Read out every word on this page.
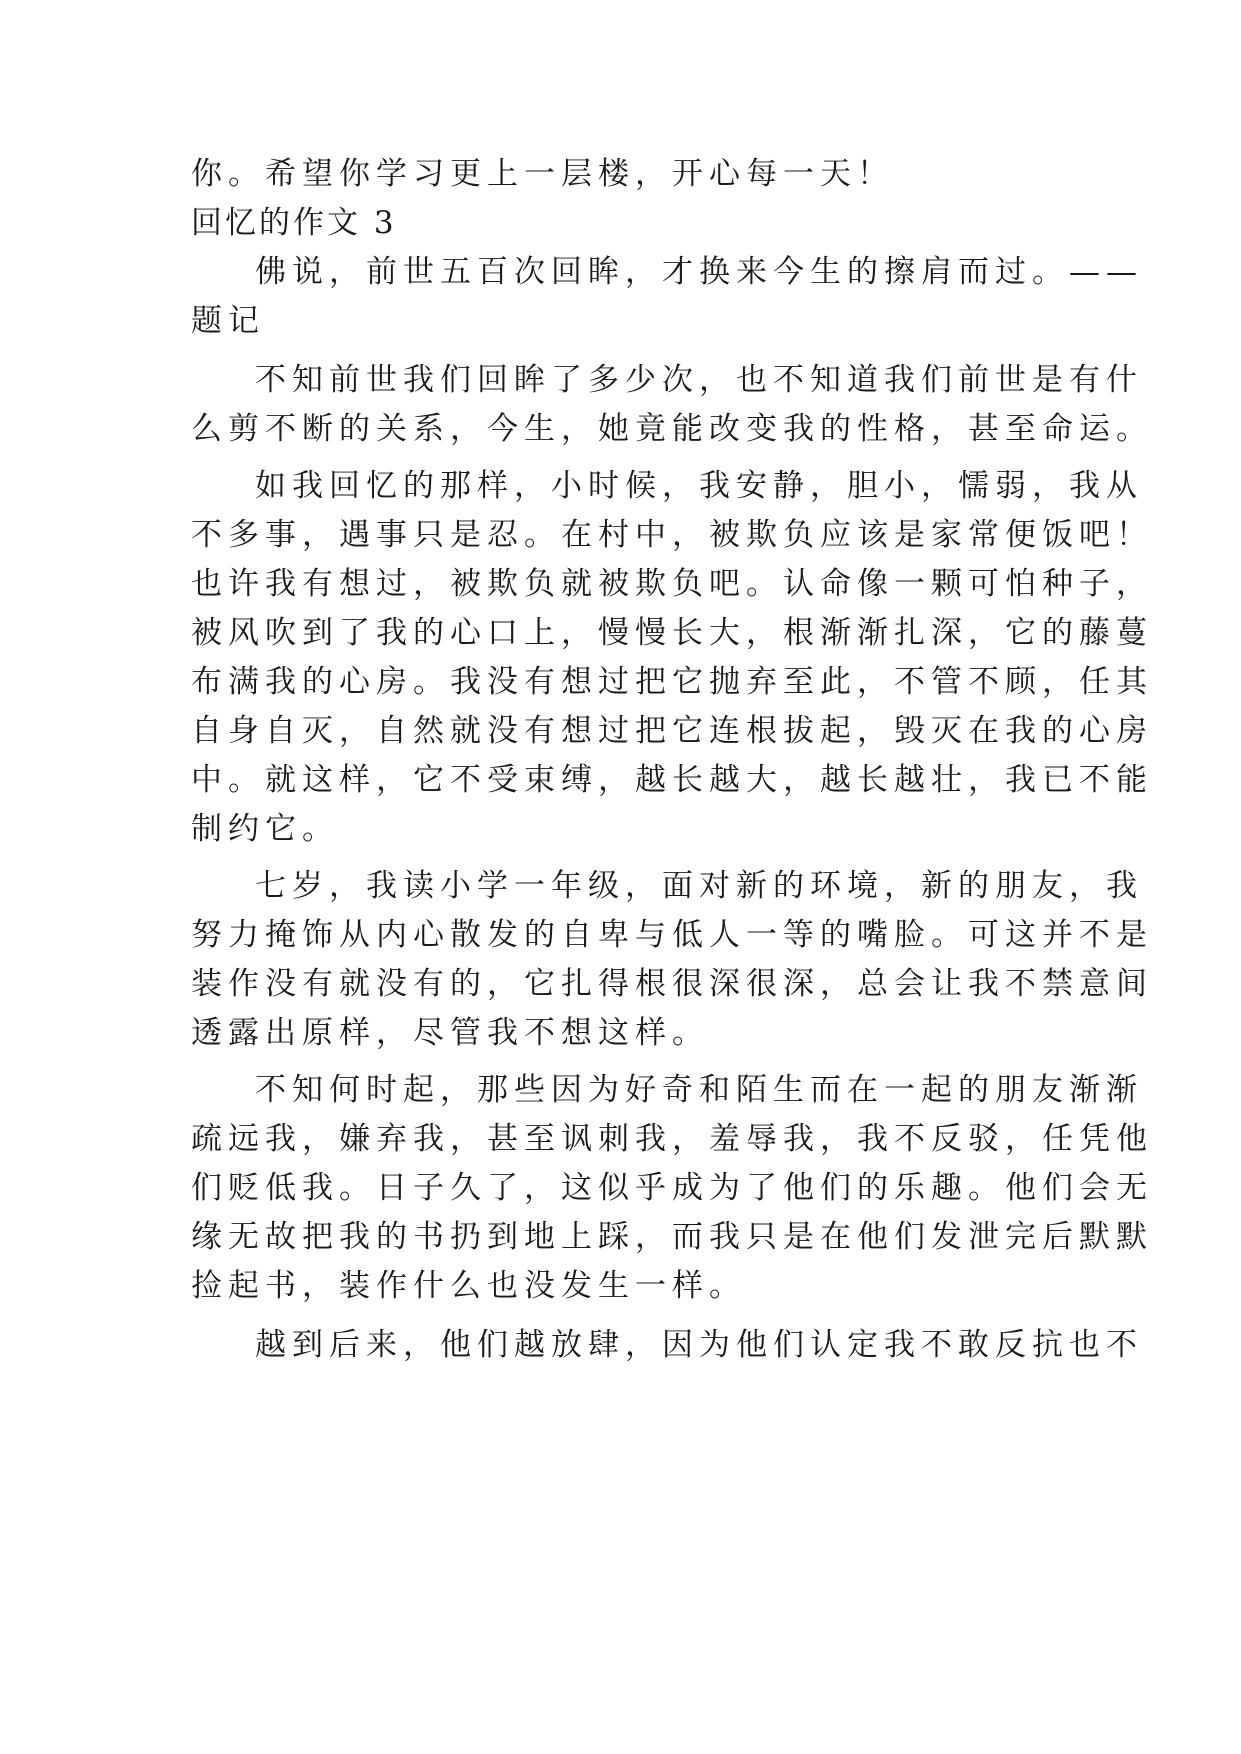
你。希望你学习更上一层楼，开心每一天！
回忆的作文 3
佛说，前世五百次回眸，才换来今生的擦肩而过。——
题记
不知前世我们回眸了多少次，也不知道我们前世是有什
么剪不断的关系，今生，她竟能改变我的性格，甚至命运。
如我回忆的那样，小时候，我安静，胆小，懦弱，我从
不多事，遇事只是忍。在村中，被欺负应该是家常便饭吧！
也许我有想过，被欺负就被欺负吧。认命像一颗可怕种子，
被风吹到了我的心口上，慢慢长大，根渐渐扎深，它的藤蔓
布满我的心房。我没有想过把它抛弃至此，不管不顾，任其
自身自灭，自然就没有想过把它连根拔起，毁灭在我的心房
中。就这样，它不受束缚，越长越大，越长越壮，我已不能
制约它。
七岁，我读小学一年级，面对新的环境，新的朋友，我
努力掩饰从内心散发的自卑与低人一等的嘴脸。可这并不是
装作没有就没有的，它扎得根很深很深，总会让我不禁意间
透露出原样，尽管我不想这样。
不知何时起，那些因为好奇和陌生而在一起的朋友渐渐
疏远我，嫌弃我，甚至讽刺我，羞辱我，我不反驳，任凭他
们贬低我。日子久了，这似乎成为了他们的乐趣。他们会无
缘无故把我的书扔到地上踩，而我只是在他们发泄完后默默
捡起书，装作什么也没发生一样。
越到后来，他们越放肆，因为他们认定我不敢反抗也不
